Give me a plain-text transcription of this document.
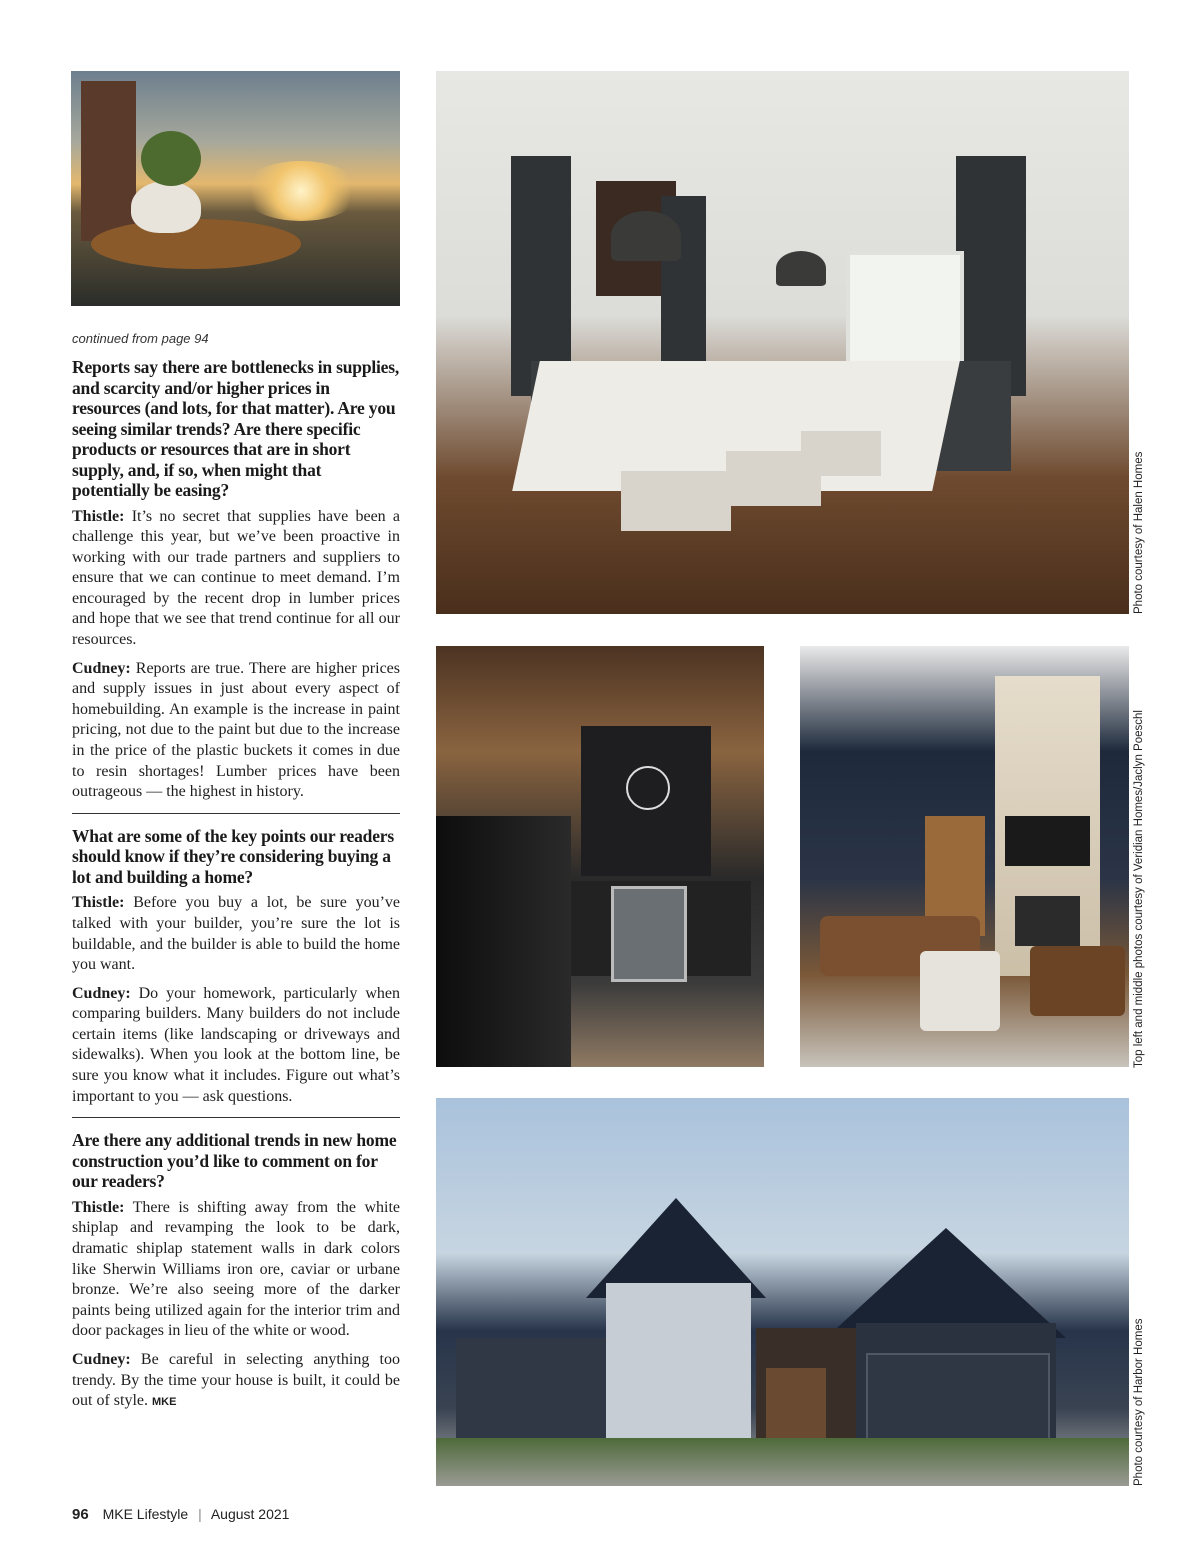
continued from page 94

Reports say there are bottlenecks in supplies, and scarcity and/or higher prices in resources (and lots, for that matter). Are you seeing similar trends? Are there specific products or resources that are in short supply, and, if so, when might that potentially be easing?

Thistle: It’s no secret that supplies have been a challenge this year, but we’ve been proactive in working with our trade partners and suppliers to ensure that we can continue to meet demand. I’m encouraged by the recent drop in lumber prices and hope that we see that trend continue for all our resources.

Cudney: Reports are true. There are higher prices and supply issues in just about every aspect of homebuilding. An example is the increase in paint pricing, not due to the paint but due to the increase in the price of the plastic buckets it comes in due to resin shortages! Lumber prices have been outrageous — the highest in history.

What are some of the key points our readers should know if they’re considering buying a lot and building a home?

Thistle: Before you buy a lot, be sure you’ve talked with your builder, you’re sure the lot is buildable, and the builder is able to build the home you want.

Cudney: Do your homework, particularly when comparing builders. Many builders do not include certain items (like landscaping or driveways and sidewalks). When you look at the bottom line, be sure you know what it includes. Figure out what’s important to you — ask questions.

Are there any additional trends in new home construction you’d like to comment on for our readers?

Thistle: There is shifting away from the white shiplap and revamping the look to be dark, dramatic shiplap statement walls in dark colors like Sherwin Williams iron ore, caviar or urbane bronze. We’re also seeing more of the darker paints being utilized again for the interior trim and door packages in lieu of the white or wood.

Cudney: Be careful in selecting anything too trendy. By the time your house is built, it could be out of style. MKE

Photo courtesy of Halen Homes
Top left and middle photos courtesy of Veridian Homes/Jaclyn Poeschl
Photo courtesy of Harbor Homes
96 MKE Lifestyle | August 2021
